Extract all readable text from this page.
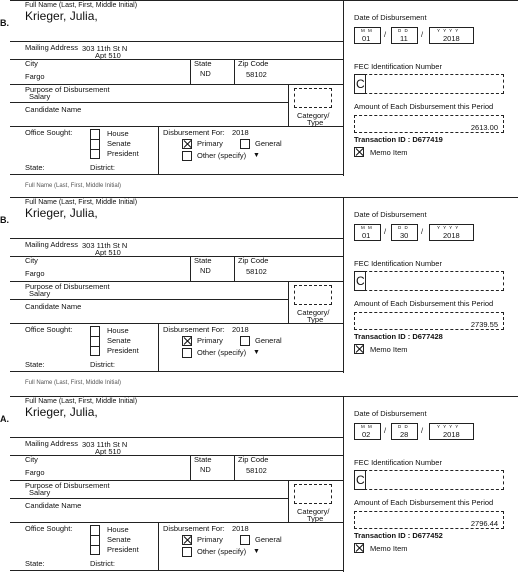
Full Name (Last, First, Middle Initial)
Full Name (Last, First, Middle Initial)
B.
Full Name (Last, First, Middle Initial)
Krieger, Julia,
Mailing Address 303 11th St N
Apt 510
City
Fargo
State
ND
Zip Code
58102
Purpose of Disbursement
Salary
Candidate Name
Category/
Type
Office Sought:	House
Senate
President
State:	District:
Disbursement For: 2018
Primary	General
Other (specify) ▼
Date of Disbursement
M M
01 /	D D
11 /	Y Y Y Y
2018
FEC Identification Number
C
Amount of Each Disbursement this Period
2613.00
Transaction ID : D677419
Memo Item
B.
Full Name (Last, First, Middle Initial)
Krieger, Julia,
Mailing Address 303 11th St N
Apt 510
City
Fargo
State
ND
Zip Code
58102
Purpose of Disbursement
Salary
Candidate Name
Category/
Type
Office Sought:	House
Senate
President
State:	District:
Disbursement For: 2018
Primary	General
Other (specify) ▼
Date of Disbursement
M M
01 /	D D
30 /	Y Y Y Y
2018
FEC Identification Number
C
Amount of Each Disbursement this Period
2739.55
Transaction ID : D677428
Memo Item
A.
Full Name (Last, First, Middle Initial)
Krieger, Julia,
Mailing Address 303 11th St N
Apt 510
City
Fargo
State
ND
Zip Code
58102
Purpose of Disbursement
Salary
Candidate Name
Category/
Type
Office Sought:	House
Senate
President
State:	District:
Disbursement For: 2018
Primary	General
Other (specify) ▼
Date of Disbursement
M M
02 /	D D
28 /	Y Y Y Y
2018
FEC Identification Number
C
Amount of Each Disbursement this Period
2796.44
Transaction ID : D677452
Memo Item
